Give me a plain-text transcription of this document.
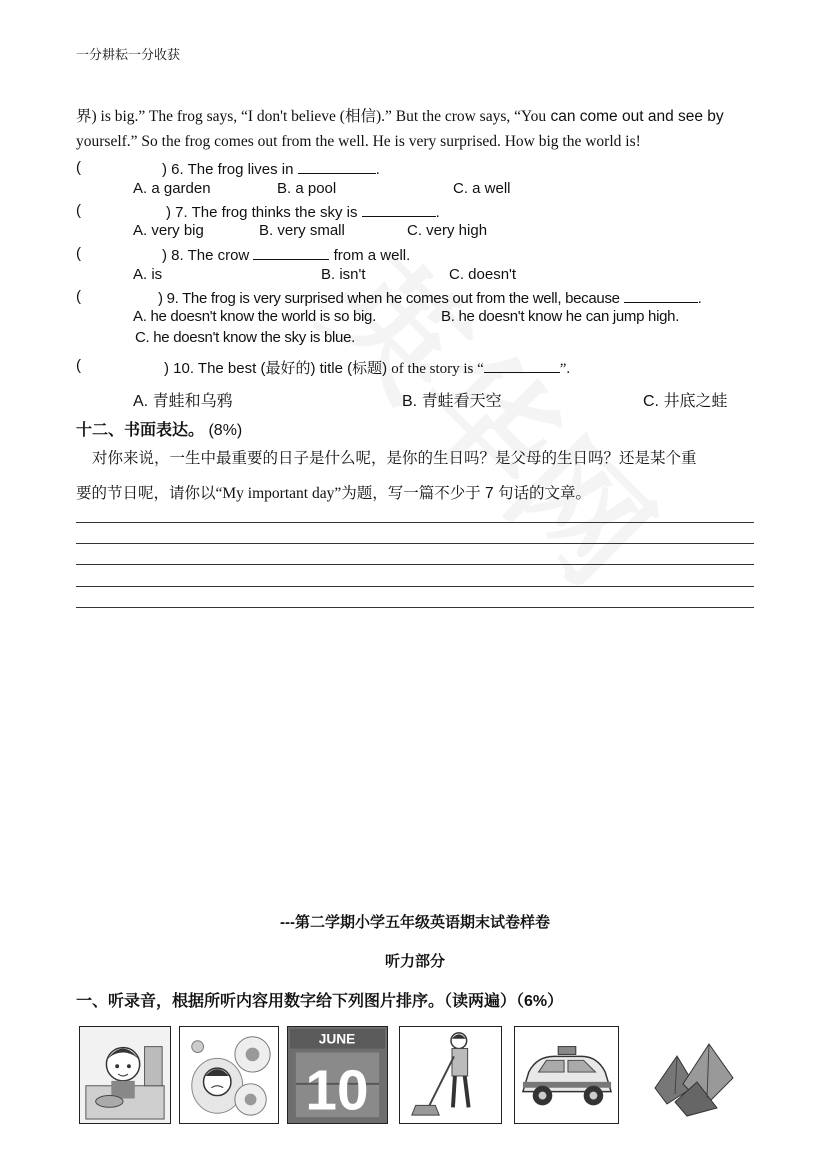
一分耕耘一分收获
界) is big.” The frog says, “I don't believe (相信).” But the crow says, “You can come out and see by
yourself.” So the frog comes out from the well. He is very surprised. How big the world is!
(	) 6. The frog lives in	.
A. a garden	B. a pool	C. a well
(	) 7. The frog thinks the sky is	.
A. very big	B. very small	C. very high
(	) 8. The crow	from a well.
A. is	B. isn't	C. doesn't
(	) 9. The frog is very surprised when he comes out from the well, because	.
A. he doesn't know the world is so big.	B. he doesn't know he can jump high.
C. he doesn't know the sky is blue.
(	) 10. The best (最好的) title (标题) of the story is “	”.
A. 青蛙和乌鸦	B. 青蛙看天空	C. 井底之蛙
十二、书面表达。 (8%)
对你来说，一生中最重要的日子是什么呢，是你的生日吗？是父母的生日吗？还是某个重
要的节日呢，请你以“My important day”为题，写一篇不少于 7 句话的文章。
---第二学期小学五年级英语期末试卷样卷
听力部分
一、听录音，根据所听内容用数字给下列图片排序。（读两遍）（6%）
JUNE
10
